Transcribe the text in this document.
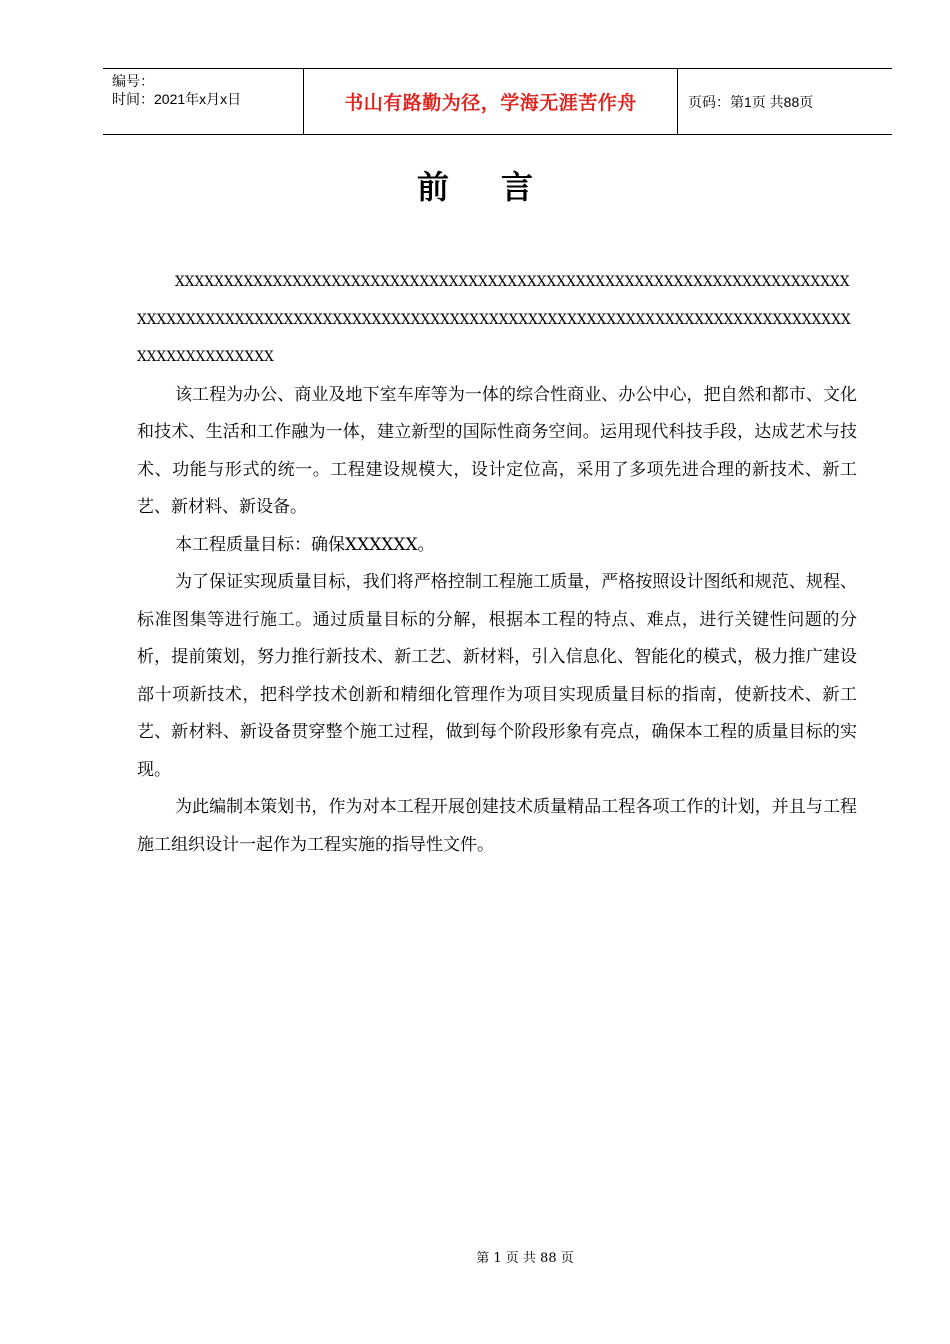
编号：
时间：2021年x月x日	书山有路勤为径，学海无涯苦作舟	页码：第1页 共88页
前言

XXXXXXXXXXXXXXXXXXXXXXXXXXXXXXXXXXXXXXXXXXXXXXXXXXXXXXXXXXXXXXXXXXXXXXXXXXXXXXXXXXXXXXXXXXXXXXXXXXXXXXXXXXXXXXXXXXXXXXXXXXXXXXXXXXXXXXXXXXXXXXXXXXXXXXXXXXXX

该工程为办公、商业及地下室车库等为一体的综合性商业、办公中心，把自然和都市、文化和技术、生活和工作融为一体，建立新型的国际性商务空间。运用现代科技手段，达成艺术与技术、功能与形式的统一。工程建设规模大，设计定位高，采用了多项先进合理的新技术、新工艺、新材料、新设备。

本工程质量目标：确保XXXXXX。

为了保证实现质量目标，我们将严格控制工程施工质量，严格按照设计图纸和规范、规程、标准图集等进行施工。通过质量目标的分解，根据本工程的特点、难点，进行关键性问题的分析，提前策划，努力推行新技术、新工艺、新材料，引入信息化、智能化的模式，极力推广建设部十项新技术，把科学技术创新和精细化管理作为项目实现质量目标的指南，使新技术、新工艺、新材料、新设备贯穿整个施工过程，做到每个阶段形象有亮点，确保本工程的质量目标的实现。

为此编制本策划书，作为对本工程开展创建技术质量精品工程各项工作的计划，并且与工程施工组织设计一起作为工程实施的指导性文件。

第 1 页 共 88 页
